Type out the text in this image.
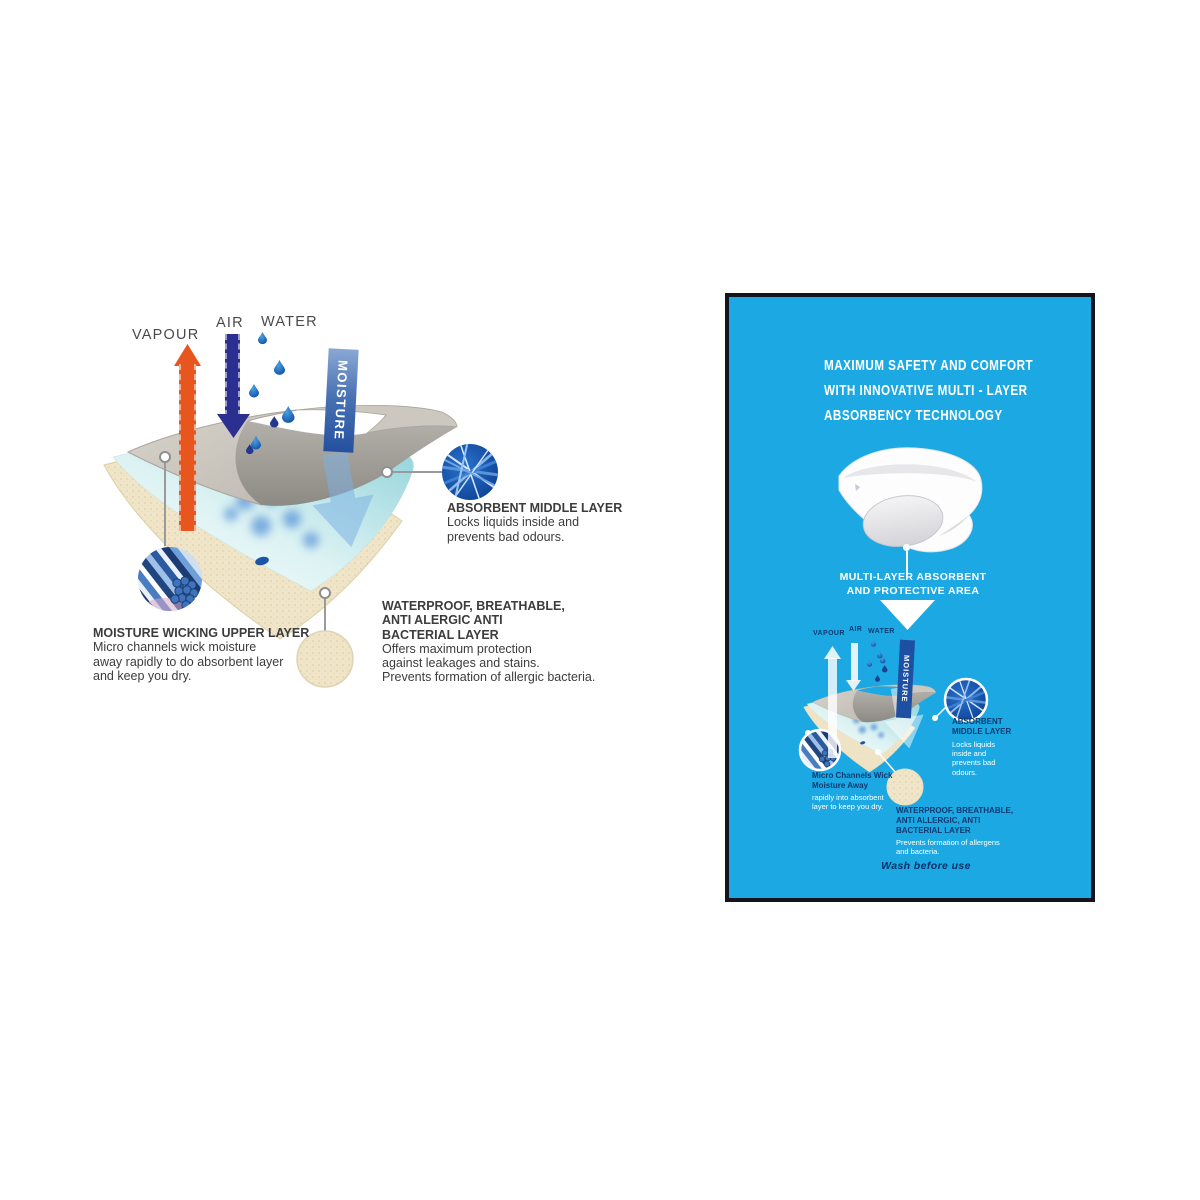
MOISTURE
VAPOUR
AIR WATER
ABSORBENT MIDDLE LAYER
Locks liquids inside and
prevents bad odours.
MOISTURE WICKING UPPER LAYER
Micro channels wick moisture
away rapidly to do absorbent layer
and keep you dry.
WATERPROOF, BREATHABLE,
ANTI ALERGIC ANTI
BACTERIAL LAYER
Offers maximum protection
against leakages and stains.
Prevents formation of allergic bacteria.
MAXIMUM SAFETY AND COMFORT
WITH INNOVATIVE MULTI - LAYER
ABSORBENCY TECHNOLOGY
MULTI-LAYER ABSORBENT
AND PROTECTIVE AREA
MOISTURE
VAPOUR
AIR WATER
ABSORBENT
MIDDLE LAYER
Locks liquids
inside and
prevents bad
odours.
Micro Channels Wick
Moisture Away
rapidly into absorbent
layer to keep you dry.	WATERPROOF, BREATHABLE,
ANTI ALLERGIC, ANTI
BACTERIAL LAYER
Prevents formation of allergens
and bacteria.
Wash before use
